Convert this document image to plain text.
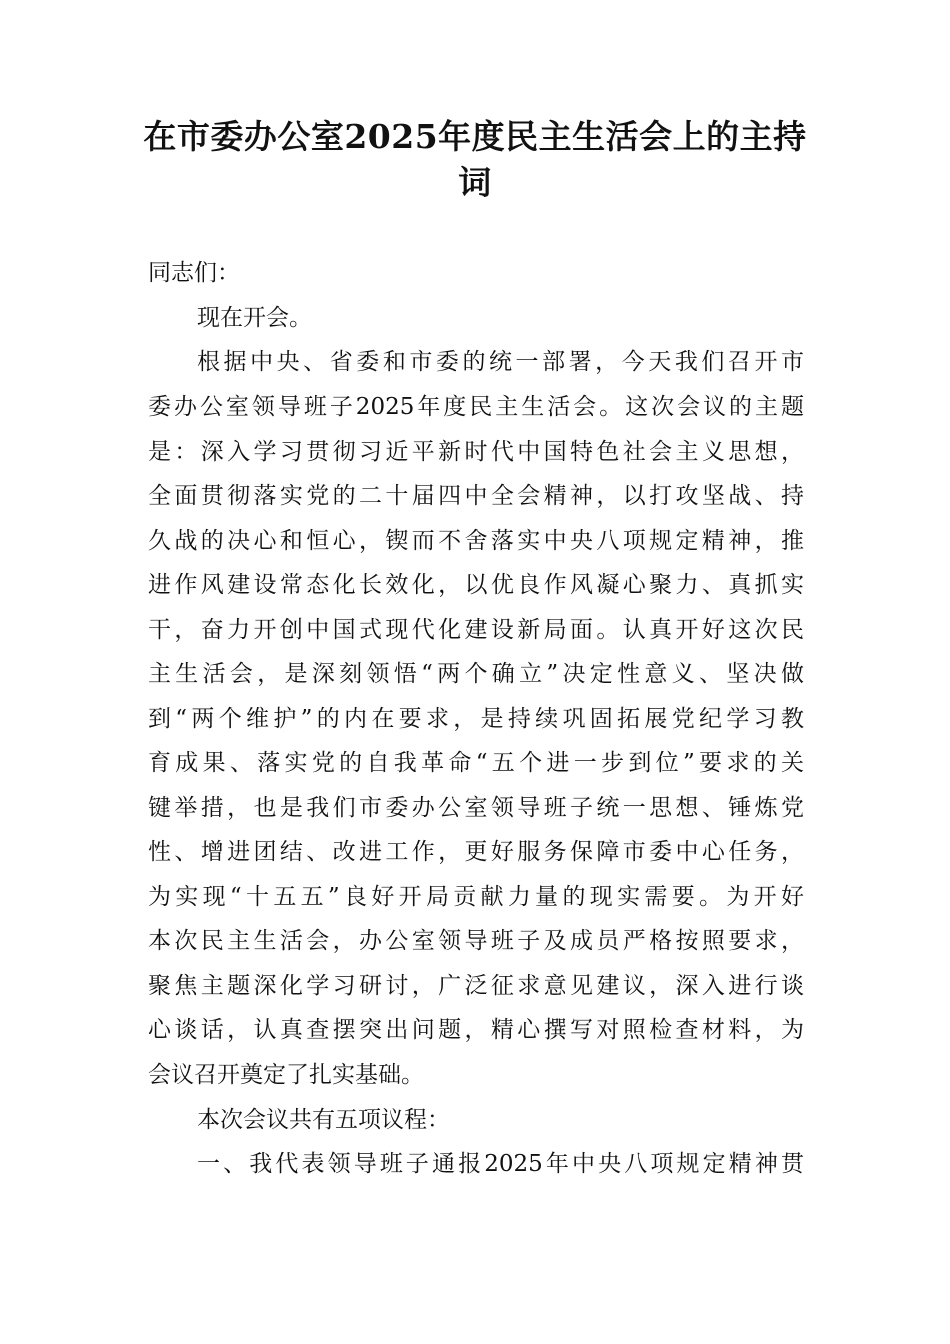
在市委办公室2025年度民主生活会上的主持词
同志们：
现在开会。
根据中央、省委和市委的统一部署，今天我们召开市
委办公室领导班子2025年度民主生活会。这次会议的主题
是：深入学习贯彻习近平新时代中国特色社会主义思想，
全面贯彻落实党的二十届四中全会精神，以打攻坚战、持
久战的决心和恒心，锲而不舍落实中央八项规定精神，推
进作风建设常态化长效化，以优良作风凝心聚力、真抓实
干，奋力开创中国式现代化建设新局面。认真开好这次民
主生活会，是深刻领悟“两个确立”决定性意义、坚决做
到“两个维护”的内在要求，是持续巩固拓展党纪学习教
育成果、落实党的自我革命“五个进一步到位”要求的关
键举措，也是我们市委办公室领导班子统一思想、锤炼党
性、增进团结、改进工作，更好服务保障市委中心任务，
为实现“十五五”良好开局贡献力量的现实需要。为开好
本次民主生活会，办公室领导班子及成员严格按照要求，
聚焦主题深化学习研讨，广泛征求意见建议，深入进行谈
心谈话，认真查摆突出问题，精心撰写对照检查材料，为
会议召开奠定了扎实基础。
本次会议共有五项议程：
一、我代表领导班子通报2025年中央八项规定精神贯
